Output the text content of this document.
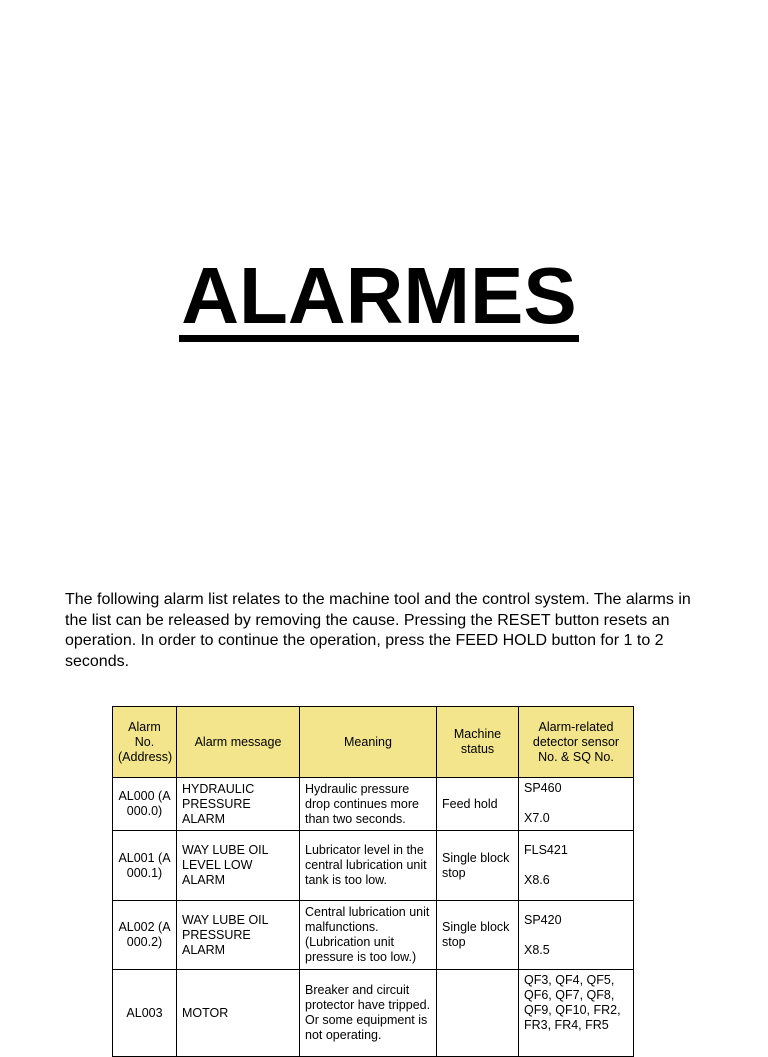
ALARMES

The following alarm list relates to the machine tool and the control system. The alarms in the list can be released by removing the cause. Pressing the RESET button resets an operation. In order to continue the operation, press the FEED HOLD button for 1 to 2 seconds.

Alarm No. (Address)	Alarm message	Meaning	Machine status	Alarm-related detector sensor No. & SQ No.
AL000 (A000.0)	HYDRAULIC PRESSURE ALARM	Hydraulic pressure drop continues more than two seconds.	Feed hold	SP460
X7.0

AL001 (A000.1)	WAY LUBE OIL LEVEL LOW ALARM	Lubricator level in the central lubrication unit tank is too low.	Single block stop	FLS421
X8.6

AL002 (A000.2)	WAY LUBE OIL PRESSURE ALARM	Central lubrication unit malfunctions. (Lubrication unit pressure is too low.)	Single block stop	SP420
X8.5

AL003	MOTOR	Breaker and circuit protector have tripped. Or some equipment is not operating.		QF3, QF4, QF5, QF6, QF7, QF8, QF9, QF10, FR2,
FR3, FR4, FR5
